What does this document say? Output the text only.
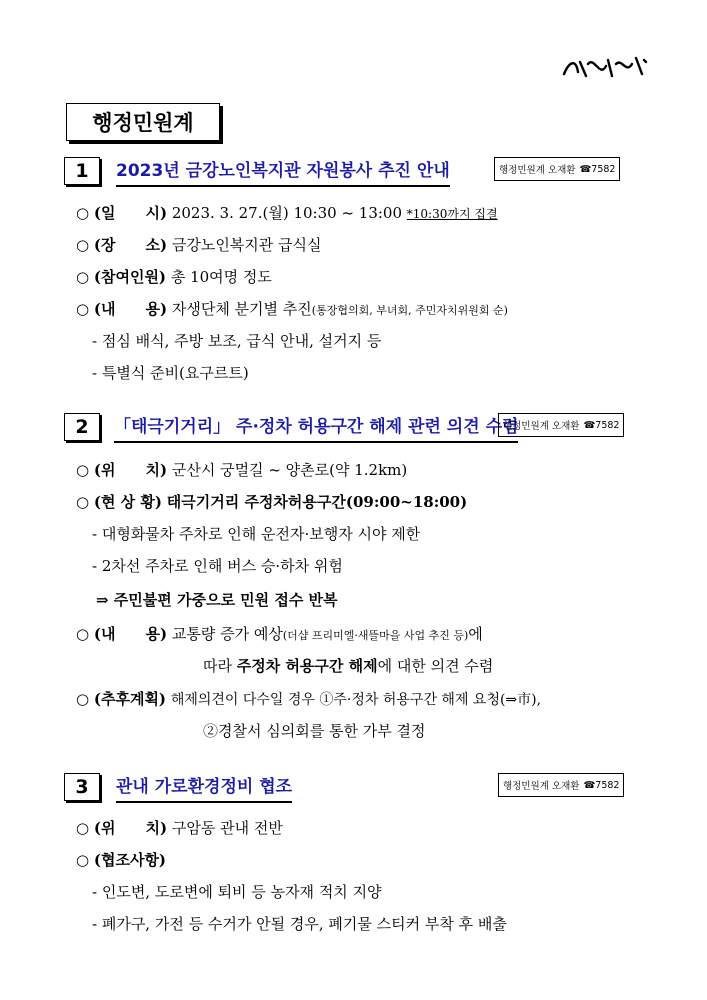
행정민원계
1	2023년 금강노인복지관 자원봉사 추진 안내	행정민원계 오재환 ☎7582
○ (일　　시) 2023. 3. 27.(월) 10:30 ~ 13:00 *10:30까지 집결
○ (장　　소) 금강노인복지관 급식실
○ (참여인원) 총 10여명 정도
○ (내　　용) 자생단체 분기별 추진(통장협의회, 부녀회, 주민자치위원회 순)
- 점심 배식, 주방 보조, 급식 안내, 설거지 등
- 특별식 준비(요구르트)
2	「태극기거리」 주·정차 허용구간 해제 관련 의견 수렴
행정민원계 오재환 ☎7582
○ (위　　치) 군산시 궁멀길 ~ 양촌로(약 1.2km)
○ (현 상 황) 태극기거리 주정차허용구간(09:00~18:00)
- 대형화물차 주차로 인해 운전자·보행자 시야 제한
- 2차선 주차로 인해 버스 승·하차 위험
⇒ 주민불편 가중으로 민원 접수 반복
○ (내　　용) 교통량 증가 예상(더샵 프리미엘·새뜰마을 사업 추진 등)에
따라 주정차 허용구간 해제에 대한 의견 수렴
○ (추후계획) 해제의견이 다수일 경우 ①주·정차 허용구간 해제 요청(⇒市),
②경찰서 심의회를 통한 가부 결정
3	관내 가로환경정비 협조	행정민원계 오재환 ☎7582
○ (위　　치) 구암동 관내 전반
○ (협조사항)
- 인도변, 도로변에 퇴비 등 농자재 적치 지양
- 폐가구, 가전 등 수거가 안될 경우, 폐기물 스티커 부착 후 배출
